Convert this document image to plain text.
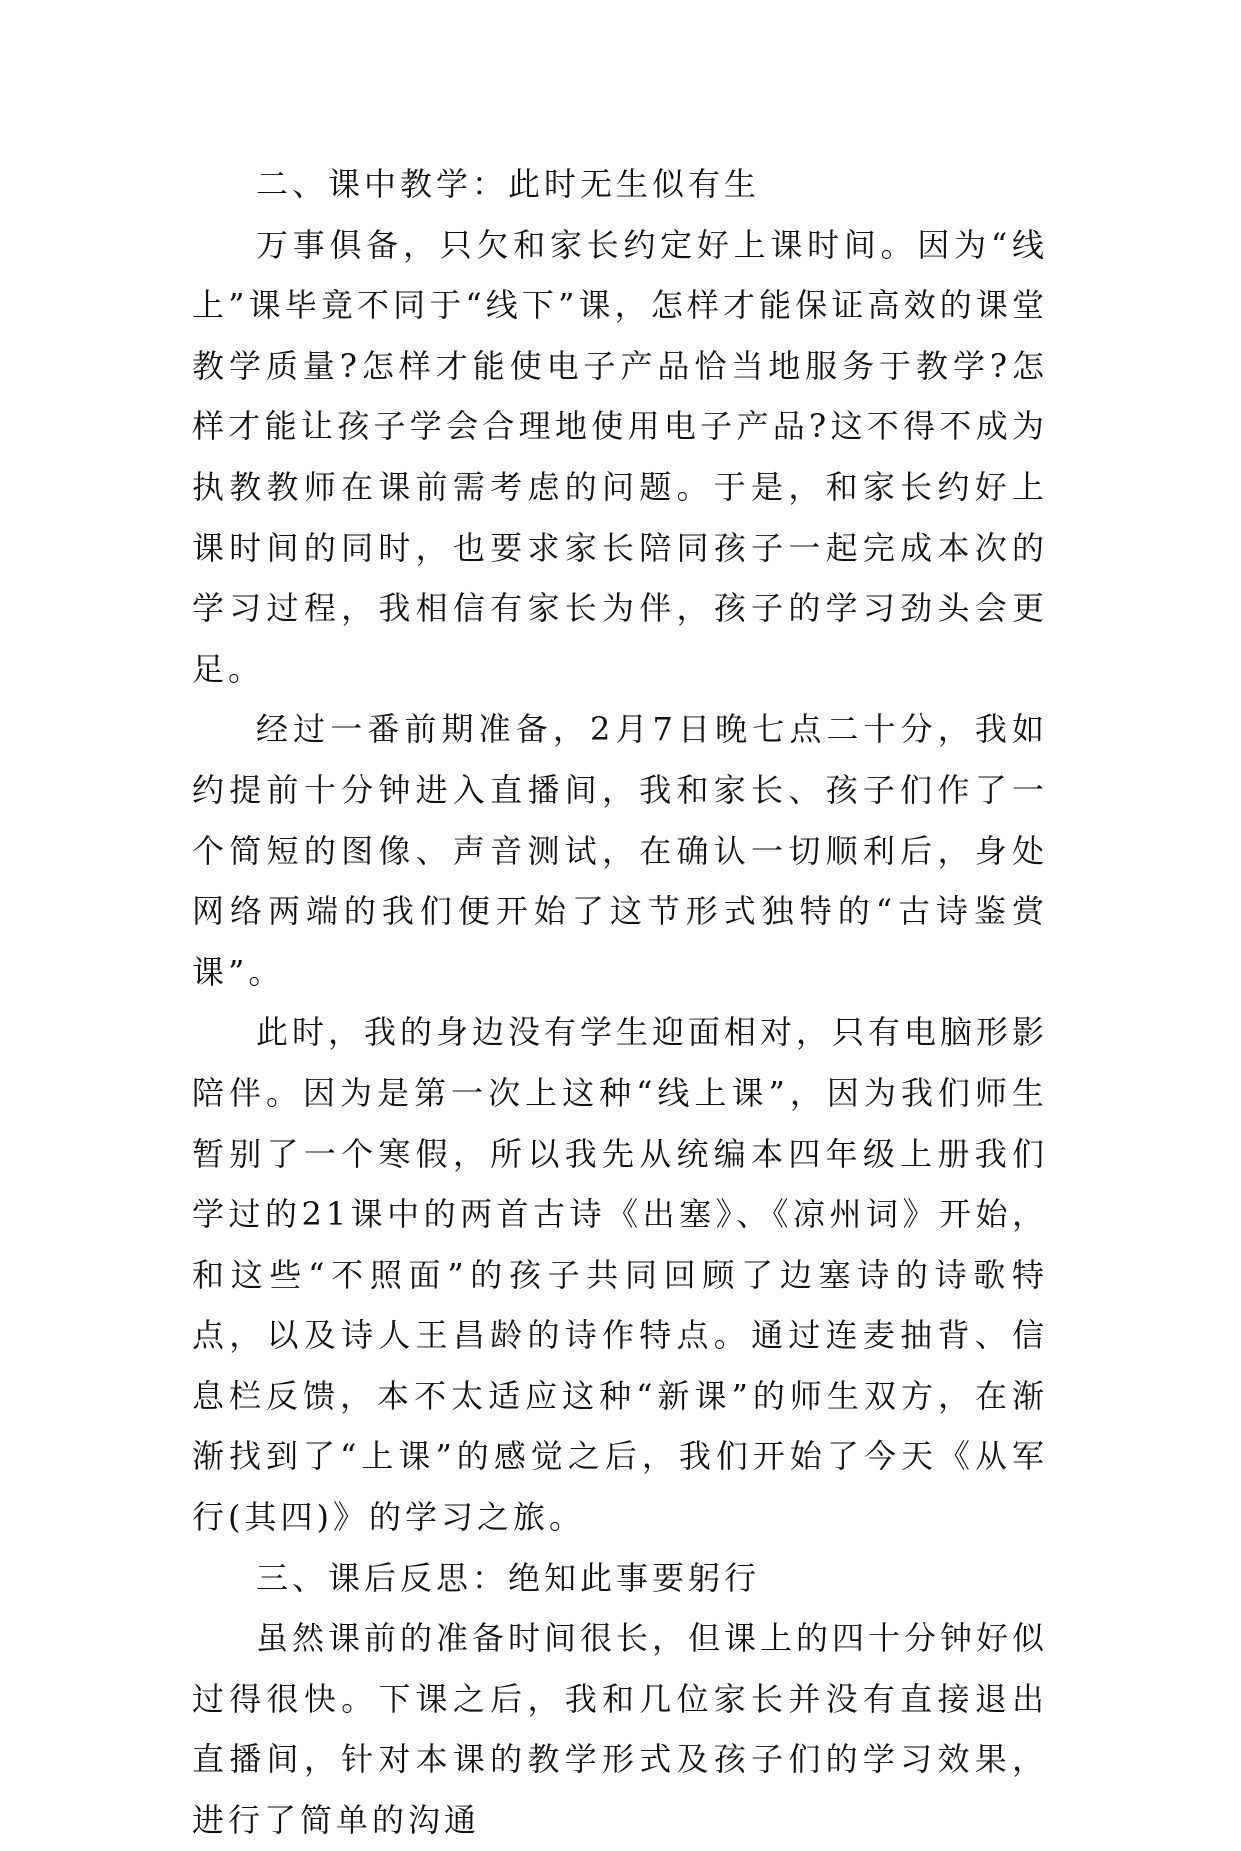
二、课中教学：此时无生似有生

万事俱备，只欠和家长约定好上课时间。因为“线上”课毕竟不同于“线下”课，怎样才能保证高效的课堂教学质量?怎样才能使电子产品恰当地服务于教学?怎样才能让孩子学会合理地使用电子产品?这不得不成为执教教师在课前需考虑的问题。于是，和家长约好上课时间的同时，也要求家长陪同孩子一起完成本次的学习过程，我相信有家长为伴，孩子的学习劲头会更足。

经过一番前期准备，2月7日晚七点二十分，我如约提前十分钟进入直播间，我和家长、孩子们作了一个简短的图像、声音测试，在确认一切顺利后，身处网络两端的我们便开始了这节形式独特的“古诗鉴赏课”。

此时，我的身边没有学生迎面相对，只有电脑形影陪伴。因为是第一次上这种“线上课”，因为我们师生暂别了一个寒假，所以我先从统编本四年级上册我们学过的21课中的两首古诗《出塞》、《凉州词》开始，和这些“不照面”的孩子共同回顾了边塞诗的诗歌特点，以及诗人王昌龄的诗作特点。通过连麦抽背、信息栏反馈，本不太适应这种“新课”的师生双方，在渐渐找到了“上课”的感觉之后，我们开始了今天《从军行(其四)》的学习之旅。

三、课后反思：绝知此事要躬行

虽然课前的准备时间很长，但课上的四十分钟好似过得很快。下课之后，我和几位家长并没有直接退出直播间，针对本课的教学形式及孩子们的学习效果，进行了简单的沟通
